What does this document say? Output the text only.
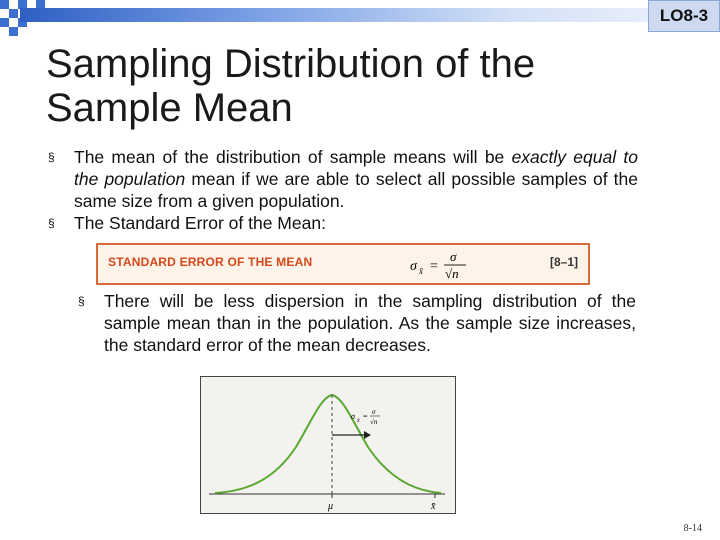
LO8-3
Sampling Distribution of the
Sample Mean
§ The mean of the distribution of sample means will be exactly equal to the population mean if we are able to select all possible samples of the same size from a given population.
§ The Standard Error of the Mean:
STANDARD ERROR OF THE MEAN	σ x̄ =
σ
√n
[8–1]
§ There will be less dispersion in the sampling distribution of the sample mean than in the population. As the sample size increases, the standard error of the mean decreases.
σ x̄ = σ
√n
μ	x̄
8-14
